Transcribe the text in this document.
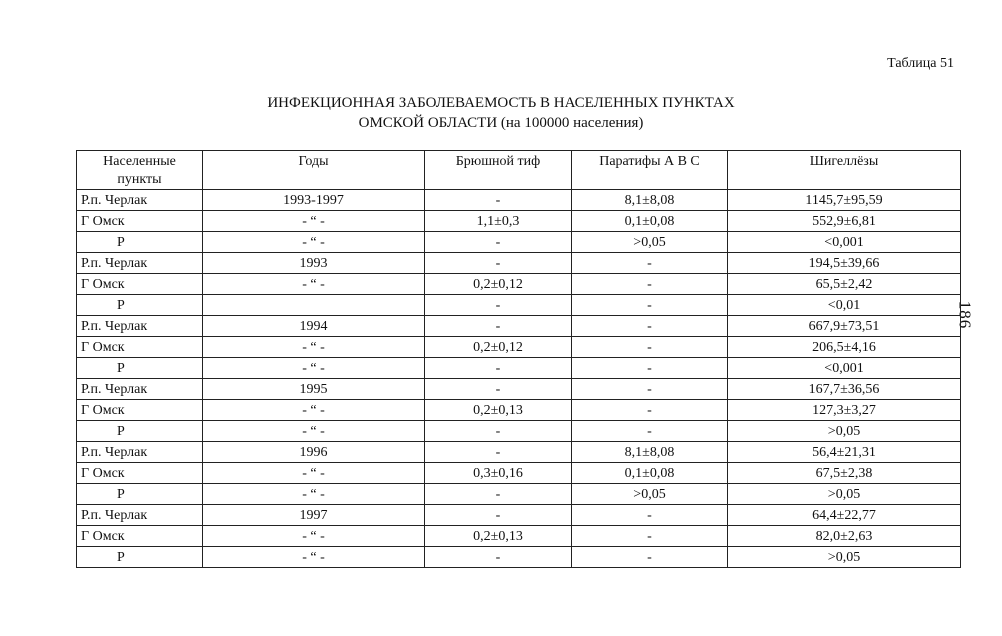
Таблица 51
ИНФЕКЦИОННАЯ ЗАБОЛЕВАЕМОСТЬ В НАСЕЛЕННЫХ ПУНКТАХ
ОМСКОЙ ОБЛАСТИ (на 100000 населения)
186
Населенные пункты	Годы	Брюшной тиф	Паратифы А В С	Шигеллёзы
Р.п. Черлак	1993-1997	-	8,1±8,08	1145,7±95,59
Г Омск	- “ -	1,1±0,3	0,1±0,08	552,9±6,81
Р	- “ -	-	>0,05	<0,001
Р.п. Черлак	1993	-	-	194,5±39,66
Г Омск	- “ -	0,2±0,12	-	65,5±2,42
Р		-	-	<0,01
Р.п. Черлак	1994	-	-	667,9±73,51
Г Омск	- “ -	0,2±0,12	-	206,5±4,16
Р	- “ -	-	-	<0,001
Р.п. Черлак	1995	-	-	167,7±36,56
Г Омск	- “ -	0,2±0,13	-	127,3±3,27
Р	- “ -	-	-	>0,05
Р.п. Черлак	1996	-	8,1±8,08	56,4±21,31
Г Омск	- “ -	0,3±0,16	0,1±0,08	67,5±2,38
Р	- “ -	-	>0,05	>0,05
Р.п. Черлак	1997	-	-	64,4±22,77
Г Омск	- “ -	0,2±0,13	-	82,0±2,63
Р	- “ -	-	-	>0,05
